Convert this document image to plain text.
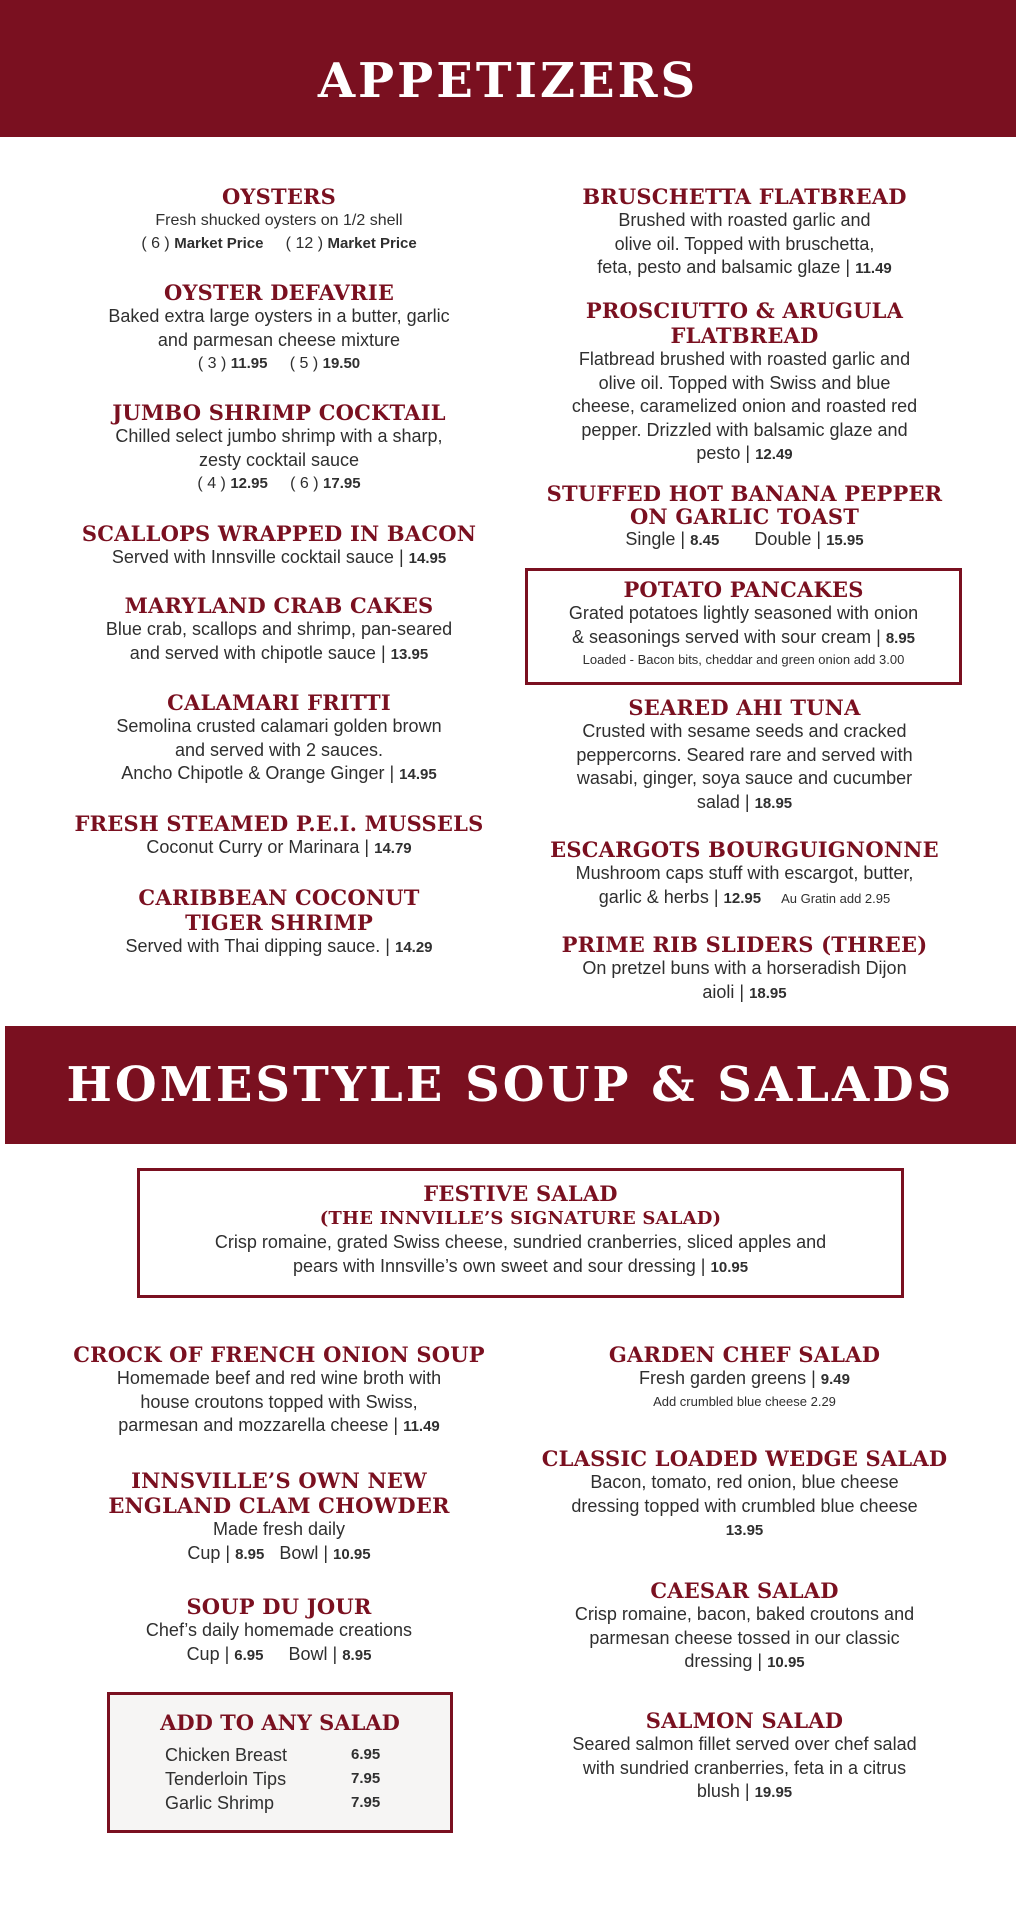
APPETIZERS
OYSTERS
Fresh shucked oysters on 1/2 shell
( 6 ) Market Price ( 12 ) Market Price
OYSTER DEFAVRIE
Baked extra large oysters in a butter, garlic
and parmesan cheese mixture
( 3 ) 11.95 ( 5 ) 19.50
JUMBO SHRIMP COCKTAIL
Chilled select jumbo shrimp with a sharp,
zesty cocktail sauce
( 4 ) 12.95 ( 6 ) 17.95
SCALLOPS WRAPPED IN BACON
Served with Innsville cocktail sauce | 14.95
MARYLAND CRAB CAKES
Blue crab, scallops and shrimp, pan-seared
and served with chipotle sauce | 13.95
CALAMARI FRITTI
Semolina crusted calamari golden brown
and served with 2 sauces.
Ancho Chipotle & Orange Ginger | 14.95
FRESH STEAMED P.E.I. MUSSELS
Coconut Curry or Marinara | 14.79
CARIBBEAN COCONUT
TIGER SHRIMP
Served with Thai dipping sauce. | 14.29
BRUSCHETTA FLATBREAD
Brushed with roasted garlic and
olive oil. Topped with bruschetta,
feta, pesto and balsamic glaze | 11.49
PROSCIUTTO & ARUGULA
FLATBREAD
Flatbread brushed with roasted garlic and
olive oil. Topped with Swiss and blue
cheese, caramelized onion and roasted red
pepper. Drizzled with balsamic glaze and
pesto | 12.49
STUFFED HOT BANANA PEPPER
ON GARLIC TOAST
Single | 8.45 Double | 15.95
POTATO PANCAKES
Grated potatoes lightly seasoned with onion
& seasonings served with sour cream | 8.95
Loaded - Bacon bits, cheddar and green onion add 3.00
SEARED AHI TUNA
Crusted with sesame seeds and cracked
peppercorns. Seared rare and served with
wasabi, ginger, soya sauce and cucumber
salad | 18.95
ESCARGOTS BOURGUIGNONNE
Mushroom caps stuff with escargot, butter,
garlic & herbs | 12.95 Au Gratin add 2.95
PRIME RIB SLIDERS (THREE)
On pretzel buns with a horseradish Dijon
aioli | 18.95
HOMESTYLE SOUP & SALADS
FESTIVE SALAD
(THE INNVILLE’S SIGNATURE SALAD)
Crisp romaine, grated Swiss cheese, sundried cranberries, sliced apples and
pears with Innsville’s own sweet and sour dressing | 10.95
CROCK OF FRENCH ONION SOUP
Homemade beef and red wine broth with
house croutons topped with Swiss,
parmesan and mozzarella cheese | 11.49
INNSVILLE’S OWN NEW
ENGLAND CLAM CHOWDER
Made fresh daily
Cup | 8.95 Bowl | 10.95
SOUP DU JOUR
Chef’s daily homemade creations
Cup | 6.95 Bowl | 8.95
ADD TO ANY SALAD
Chicken Breast	6.95
Tenderloin Tips	7.95
Garlic Shrimp	7.95
GARDEN CHEF SALAD
Fresh garden greens | 9.49
Add crumbled blue cheese 2.29
CLASSIC LOADED WEDGE SALAD
Bacon, tomato, red onion, blue cheese
dressing topped with crumbled blue cheese
13.95
CAESAR SALAD
Crisp romaine, bacon, baked croutons and
parmesan cheese tossed in our classic
dressing | 10.95
SALMON SALAD
Seared salmon fillet served over chef salad
with sundried cranberries, feta in a citrus
blush | 19.95
